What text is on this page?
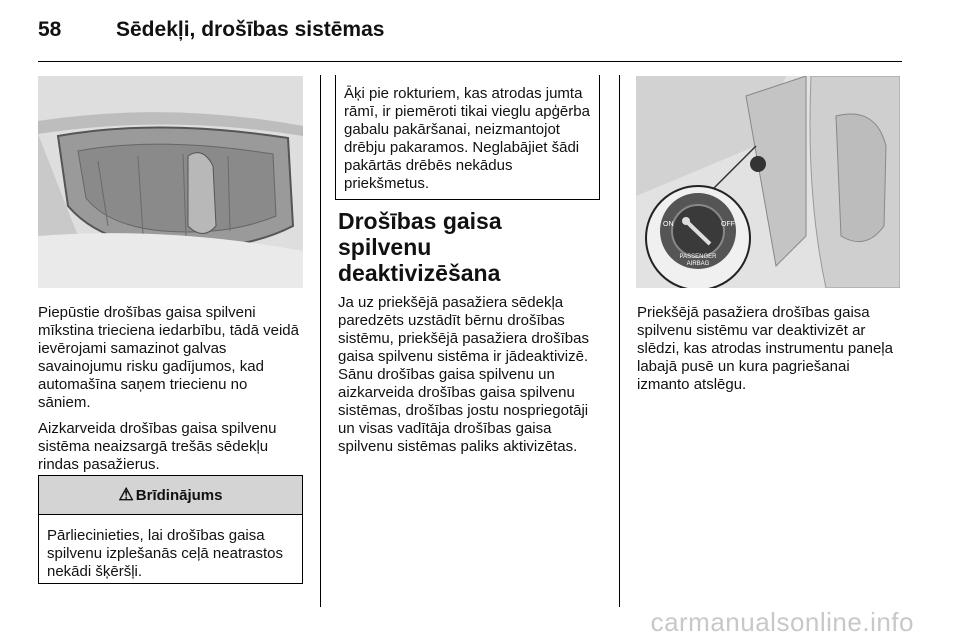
58	Sēdekļi, drošības sistēmas

Piepūstie drošības gaisa spilveni mīkstina trieciena iedarbību, tādā veidā ievērojami samazinot galvas savainojumu risku gadījumos, kad automašīna saņem triecienu no sāniem.

Aizkarveida drošības gaisa spilvenu sistēma neaizsargā trešās sēdekļu rindas pasažierus.

⚠ Brīdinājums
Pārliecinieties, lai drošības gaisa spilvenu izplešanās ceļā neatrastos nekādi šķēršļi.
Āķi pie rokturiem, kas atrodas jumta rāmī, ir piemēroti tikai vieglu apģērba gabalu pakāršanai, neizmantojot drēbju pakaramos. Neglabājiet šādi pakārtās drēbēs nekādus priekšmetus.
Drošības gaisa spilvenu deaktivizēšana

Ja uz priekšējā pasažiera sēdekļa paredzēts uzstādīt bērnu drošības sistēmu, priekšējā pasažiera drošības gaisa spilvenu sistēma ir jādeaktivizē. Sānu drošības gaisa spilvenu un aizkarveida drošības gaisa spilvenu sistēmas, drošības jostu nospriegotāji un visas vadītāja drošības gaisa spilvenu sistēmas paliks aktivizētas.

ON	OFF
PASSENGER
AIRBAG

Priekšējā pasažiera drošības gaisa spilvenu sistēmu var deaktivizēt ar slēdzi, kas atrodas instrumentu paneļa labajā pusē un kura pagriešanai izmanto atslēgu.

carmanualsonline.info
